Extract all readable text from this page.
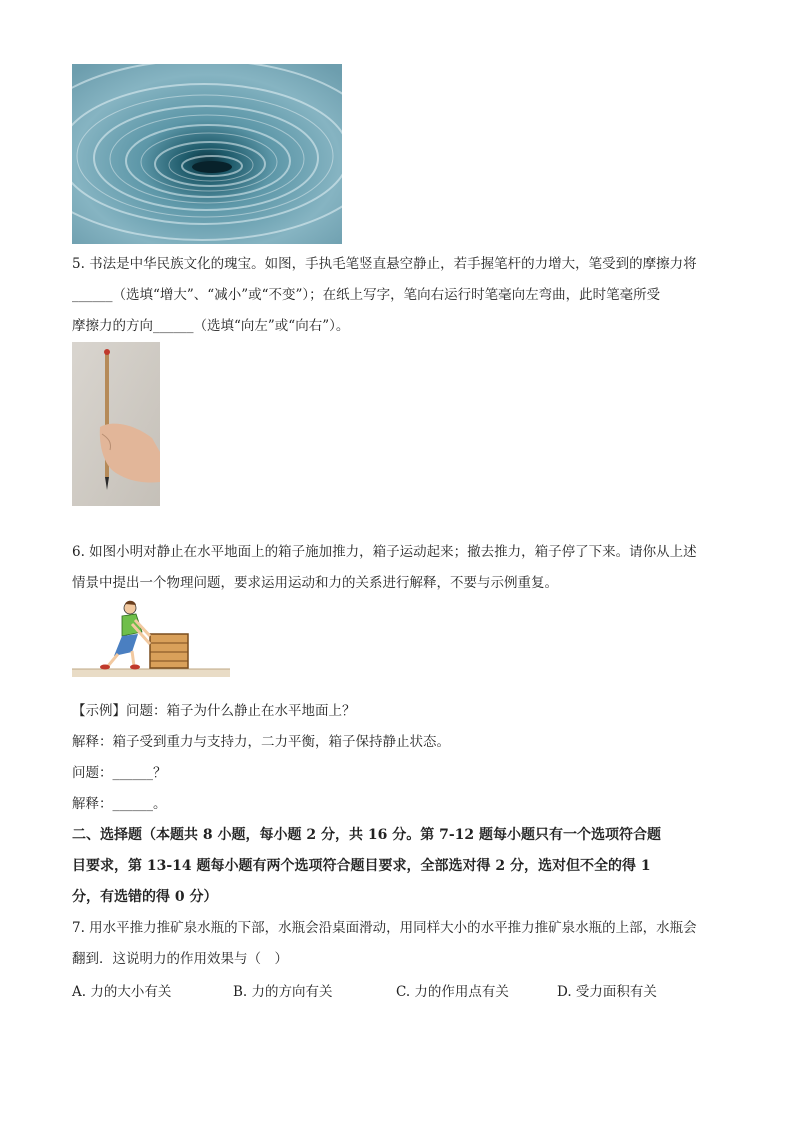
5. 书法是中华民族文化的瑰宝。如图，手执毛笔竖直悬空静止，若手握笔杆的力增大，笔受到的摩擦力将
______（选填“增大”、“减小”或“不变”）；在纸上写字，笔向右运行时笔毫向左弯曲，此时笔毫所受
摩擦力的方向______（选填“向左”或“向右”）。
6. 如图小明对静止在水平地面上的箱子施加推力，箱子运动起来；撤去推力，箱子停了下来。请你从上述
情景中提出一个物理问题，要求运用运动和力的关系进行解释，不要与示例重复。
【示例】问题：箱子为什么静止在水平地面上？
解释：箱子受到重力与支持力，二力平衡，箱子保持静止状态。
问题：______？
解释：______。
二、选择题（本题共 8 小题，每小题 2 分，共 16 分。第 7-12 题每小题只有一个选项符合题
目要求，第 13-14 题每小题有两个选项符合题目要求，全部选对得 2 分，选对但不全的得 1
分，有选错的得 0 分）
7. 用水平推力推矿泉水瓶的下部，水瓶会沿桌面滑动，用同样大小的水平推力推矿泉水瓶的上部，水瓶会
翻到．这说明力的作用效果与（　）
A. 力的大小有关	B. 力的方向有关	C. 力的作用点有关	D. 受力面积有关
